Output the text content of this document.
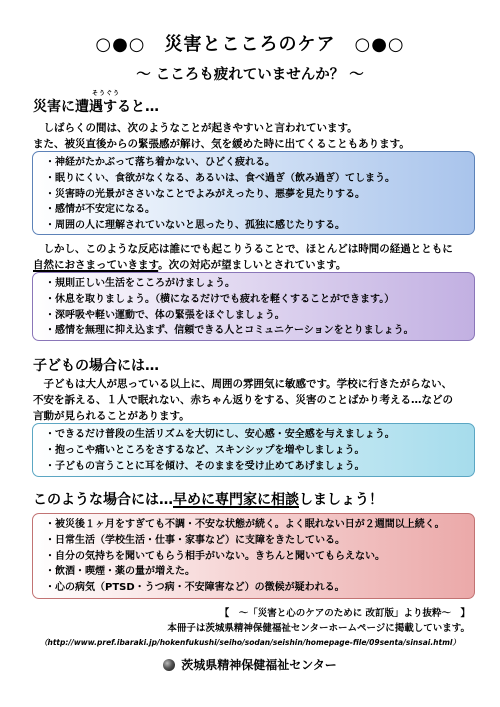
○●○　災害とこころのケア　○●○
～ こころも疲れていませんか？ ～
そうぐう
災害に遭遇すると…
　しばらくの間は、次のようなことが起きやすいと言われています。
また、被災直後からの緊張感が解け、気を緩めた時に出てくることもあります。
・神経がたかぶって落ち着かない、ひどく疲れる。
・眠りにくい、食欲がなくなる、あるいは、食べ過ぎ（飲み過ぎ）てしまう。
・災害時の光景がささいなことでよみがえったり、悪夢を見たりする。
・感情が不安定になる。
・周囲の人に理解されていないと思ったり、孤独に感じたりする。
　しかし、このような反応は誰にでも起こりうることで、ほとんどは時間の経過とともに
自然におさまっていきます。次の対応が望ましいとされています。
・規則正しい生活をこころがけましょう。
・休息を取りましょう。（横になるだけでも疲れを軽くすることができます。）
・深呼吸や軽い運動で、体の緊張をほぐしましょう。
・感情を無理に抑え込まず、信頼できる人とコミュニケーションをとりましょう。
子どもの場合には…
　子どもは大人が思っている以上に、周囲の雰囲気に敏感です。学校に行きたがらない、
不安を訴える、１人で眠れない、赤ちゃん返りをする、災害のことばかり考える…などの
言動が見られることがあります。
・できるだけ普段の生活リズムを大切にし、安心感・安全感を与えましょう。
・抱っこや痛いところをさするなど、スキンシップを増やしましょう。
・子どもの言うことに耳を傾け、そのままを受け止めてあげましょう。
このような場合には…早めに専門家に相談しましょう！
・被災後１ヶ月をすぎても不調・不安な状態が続く。よく眠れない日が２週間以上続く。
・日常生活（学校生活・仕事・家事など）に支障をきたしている。
・自分の気持ちを聞いてもらう相手がいない。きちんと聞いてもらえない。
・飲酒・喫煙・薬の量が増えた。
・心の病気（PTSD・うつ病・不安障害など）の徴候が疑われる。
【　～「災害と心のケアのために 改訂版」より抜粋～　】
本冊子は茨城県精神保健福祉センターホームページに掲載しています。
（http://www.pref.ibaraki.jp/hokenfukushi/seiho/sodan/seishin/homepage-file/09senta/sinsai.html）
茨城県精神保健福祉センター
